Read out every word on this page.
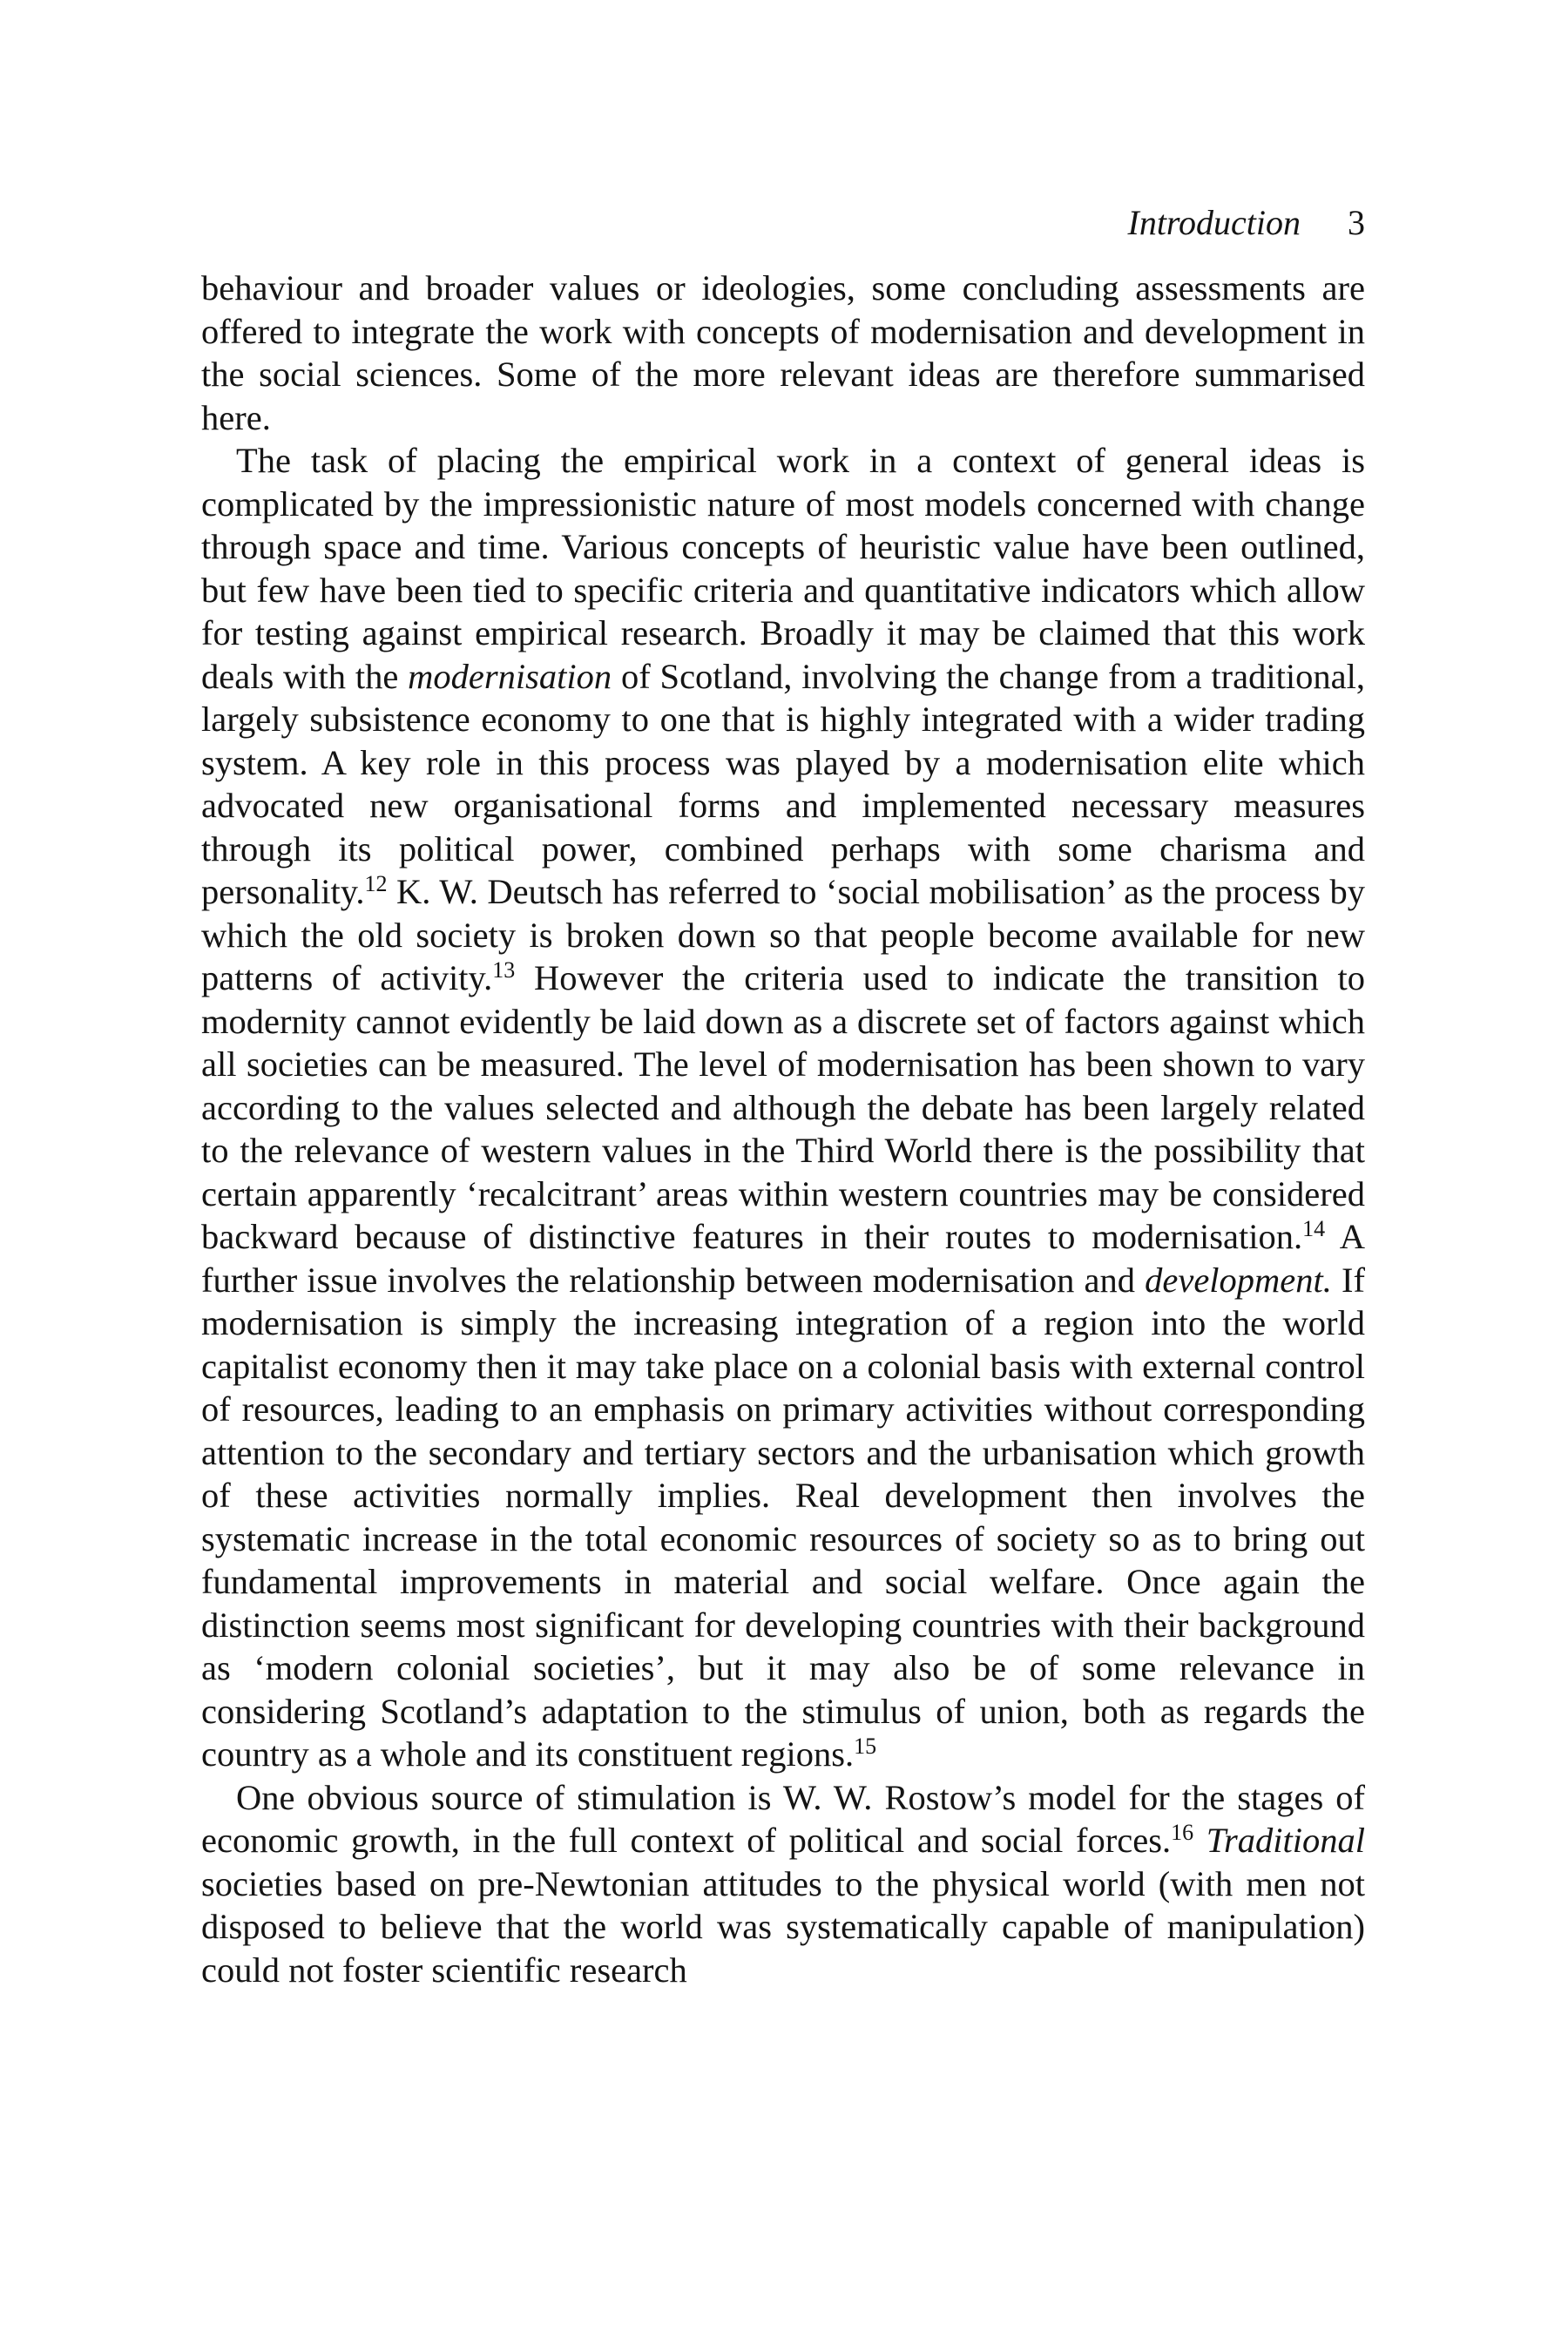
Introduction 3

behaviour and broader values or ideologies, some concluding assessments are offered to integrate the work with concepts of modernisation and development in the social sciences. Some of the more relevant ideas are therefore summarised here.

The task of placing the empirical work in a context of general ideas is complicated by the impressionistic nature of most models concerned with change through space and time. Various concepts of heuristic value have been outlined, but few have been tied to specific criteria and quantitative indicators which allow for testing against empirical research. Broadly it may be claimed that this work deals with the modernisation of Scotland, involving the change from a traditional, largely subsistence economy to one that is highly integrated with a wider trading system. A key role in this process was played by a modernisation elite which advocated new organisational forms and implemented necessary measures through its political power, combined perhaps with some charisma and personality.$^{12}$ K. W. Deutsch has referred to ‘social mobilisation’ as the process by which the old society is broken down so that people become available for new patterns of activity.$^{13}$ However the criteria used to indicate the transition to modernity cannot evidently be laid down as a discrete set of factors against which all societies can be measured. The level of modernisation has been shown to vary according to the values selected and although the debate has been largely related to the relevance of western values in the Third World there is the possibility that certain apparently ‘recalcitrant’ areas within western countries may be considered backward because of distinctive features in their routes to modernisation.$^{14}$ A further issue involves the relationship between modernisation and development. If modernisation is simply the increasing integration of a region into the world capitalist economy then it may take place on a colonial basis with external control of resources, leading to an emphasis on primary activities without corresponding attention to the secondary and tertiary sectors and the urbanisation which growth of these activities normally implies. Real development then involves the systematic increase in the total economic resources of society so as to bring out fundamental improvements in material and social welfare. Once again the distinction seems most significant for developing countries with their background as ‘modern colonial societies’, but it may also be of some relevance in considering Scotland’s adaptation to the stimulus of union, both as regards the country as a whole and its constituent regions.$^{15}$

One obvious source of stimulation is W. W. Rostow’s model for the stages of economic growth, in the full context of political and social forces.$^{16}$ Traditional societies based on pre-Newtonian attitudes to the physical world (with men not disposed to believe that the world was systematically capable of manipulation) could not foster scientific research
